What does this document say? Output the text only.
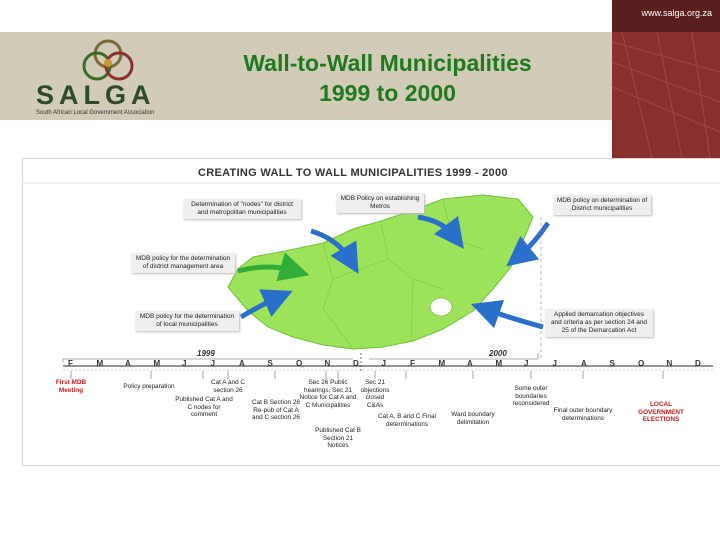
www.salga.org.za
SALGA
South African Local Government Association
Wall-to-Wall Municipalities
1999 to 2000
CREATING WALL TO WALL MUNICIPALITIES 1999 - 2000
Determination of "nodes" for district and metropolitan municipalities
MDB Policy on establishing Metros
MDB policy on determination of District municipalities
MDB policy for the determination of district management area
MDB policy for the determination of local municipalities
Applied demarcation objectives and criteria as per section 24 and 25 of the Demarcation Act
1999	2000
F	M	A	M	J	J	A	S	O	N	D	J	F	M	A	M	J	J	A	S	O	N	D
First MDB Meeting	Policy preparation
Published Cat A and C nodes for comment
Cat A and C section 26
Cat B Section 26 Re-pub of Cat A and C section 26
Sec 26 Public hearings, Sec 21 Notice for Cat A and C Municipalities
Sec 21 objections closed C&As
Published Cat B Section 21 Notices
Cat A, B and C Final determinations
Ward boundary delimitation
Some outer boundaries reconsidered
Final outer boundary determinations
LOCAL GOVERNMENT ELECTIONS
